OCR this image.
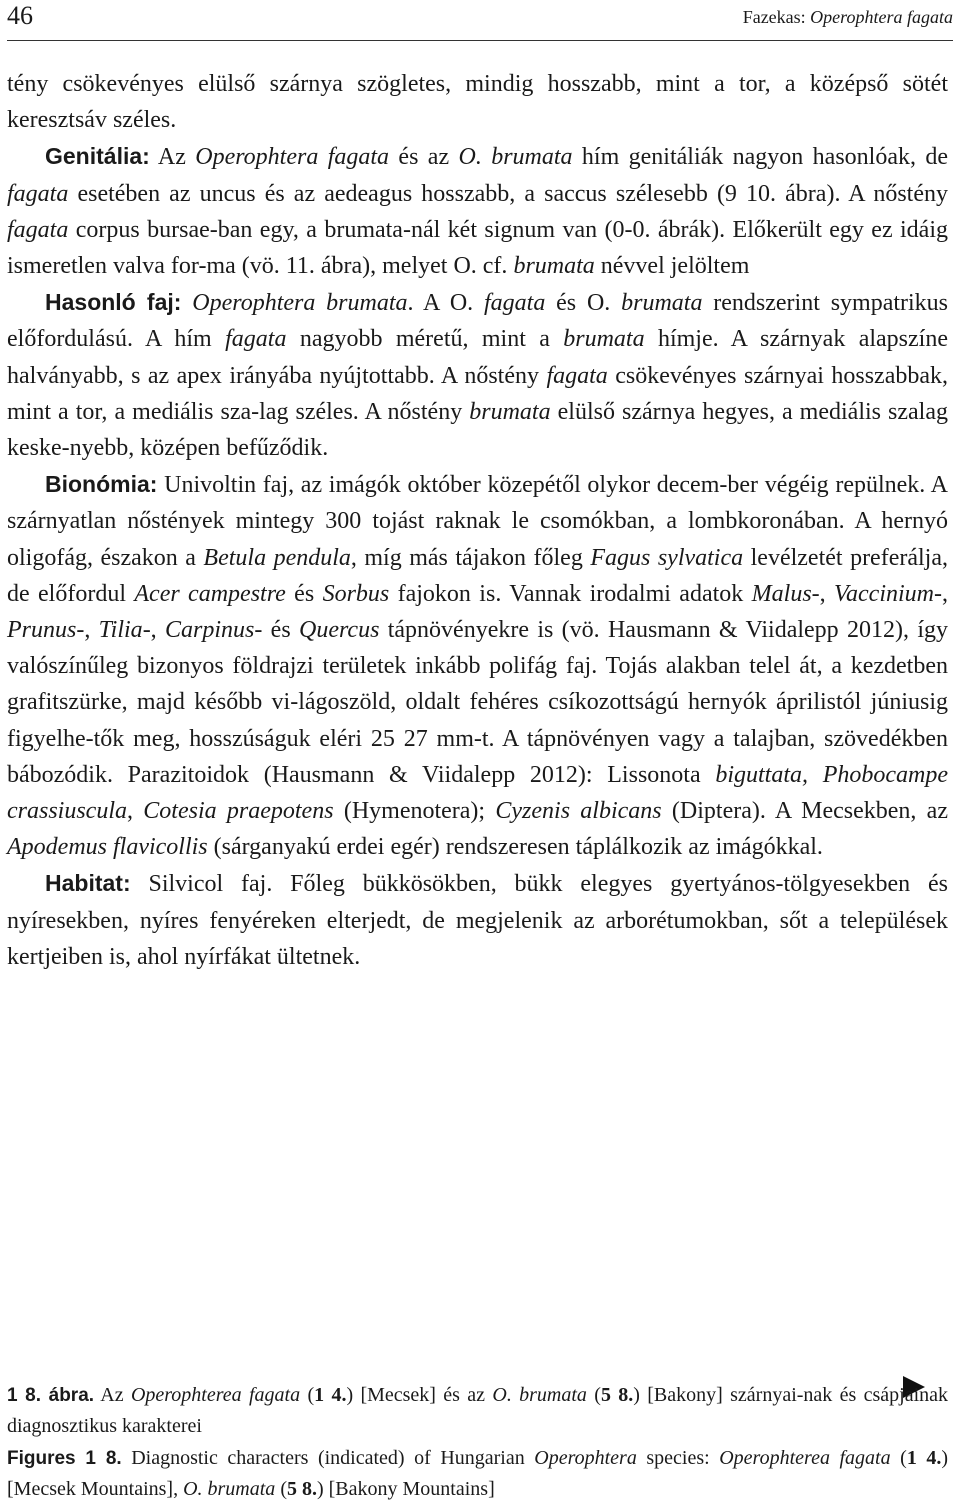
46	Fazekas: Operophtera fagata

tény csökevényes elülső szárnya szögletes, mindig hosszabb, mint a tor, a középső sötét keresztsáv széles.

Genitália: Az Operophtera fagata és az O. brumata hím genitáliák nagyon hasonlóak, de fagata esetében az uncus és az aedeagus hosszabb, a saccus szélesebb (9 10. ábra). A nőstény fagata corpus bursae-ban egy, a brumata-nál két signum van (0-0. ábrák). Előkerült egy ez idáig ismeretlen valva for-ma (vö. 11. ábra), melyet O. cf. brumata névvel jelöltem

Hasonló faj: Operophtera brumata. A O. fagata és O. brumata rendszerint sympatrikus előfordulású. A hím fagata nagyobb méretű, mint a brumata hímje. A szárnyak alapszíne halványabb, s az apex irányába nyújtottabb. A nőstény fagata csökevényes szárnyai hosszabbak, mint a tor, a mediális sza-lag széles. A nőstény brumata elülső szárnya hegyes, a mediális szalag keske-nyebb, középen befűződik.

Bionómia: Univoltin faj, az imágók október közepétől olykor decem-ber végéig repülnek. A szárnyatlan nőstények mintegy 300 tojást raknak le csomókban, a lombkoronában. A hernyó oligofág, északon a Betula pendula, míg más tájakon főleg Fagus sylvatica levélzetét preferálja, de előfordul Acer campestre és Sorbus fajokon is. Vannak irodalmi adatok Malus-, Vaccinium-, Prunus-, Tilia-, Carpinus- és Quercus tápnövényekre is (vö. Hausmann & Viidalepp 2012), így valószínűleg bizonyos földrajzi területek inkább polifág faj. Tojás alakban telel át, a kezdetben grafitszürke, majd később vi-lágoszöld, oldalt fehéres csíkozottságú hernyók áprilistól júniusig figyelhe-tők meg, hosszúságuk eléri 25 27 mm-t. A tápnövényen vagy a talajban, szövedékben bábozódik. Parazitoidok (Hausmann & Viidalepp 2012): Lissonota biguttata, Phobocampe crassiuscula, Cotesia praepotens (Hymenotera); Cyzenis albicans (Diptera). A Mecsekben, az Apodemus flavicollis (sárganyakú erdei egér) rendszeresen táplálkozik az imágókkal.

Habitat: Silvicol faj. Főleg bükkösökben, bükk elegyes gyertyános-tölgyesekben és nyíresekben, nyíres fenyéreken elterjedt, de megjelenik az arborétumokban, sőt a települések kertjeiben is, ahol nyírfákat ültetnek.

1 8. ábra. Az Operophterea fagata (1 4.) [Mecsek] és az O. brumata (5 8.) [Bakony] szárnyai-nak és csápjainak diagnosztikus karakterei

Figures 1 8. Diagnostic characters (indicated) of Hungarian Operophtera species: Operophterea fagata (1 4.) [Mecsek Mountains], O. brumata (5 8.) [Bakony Mountains]
